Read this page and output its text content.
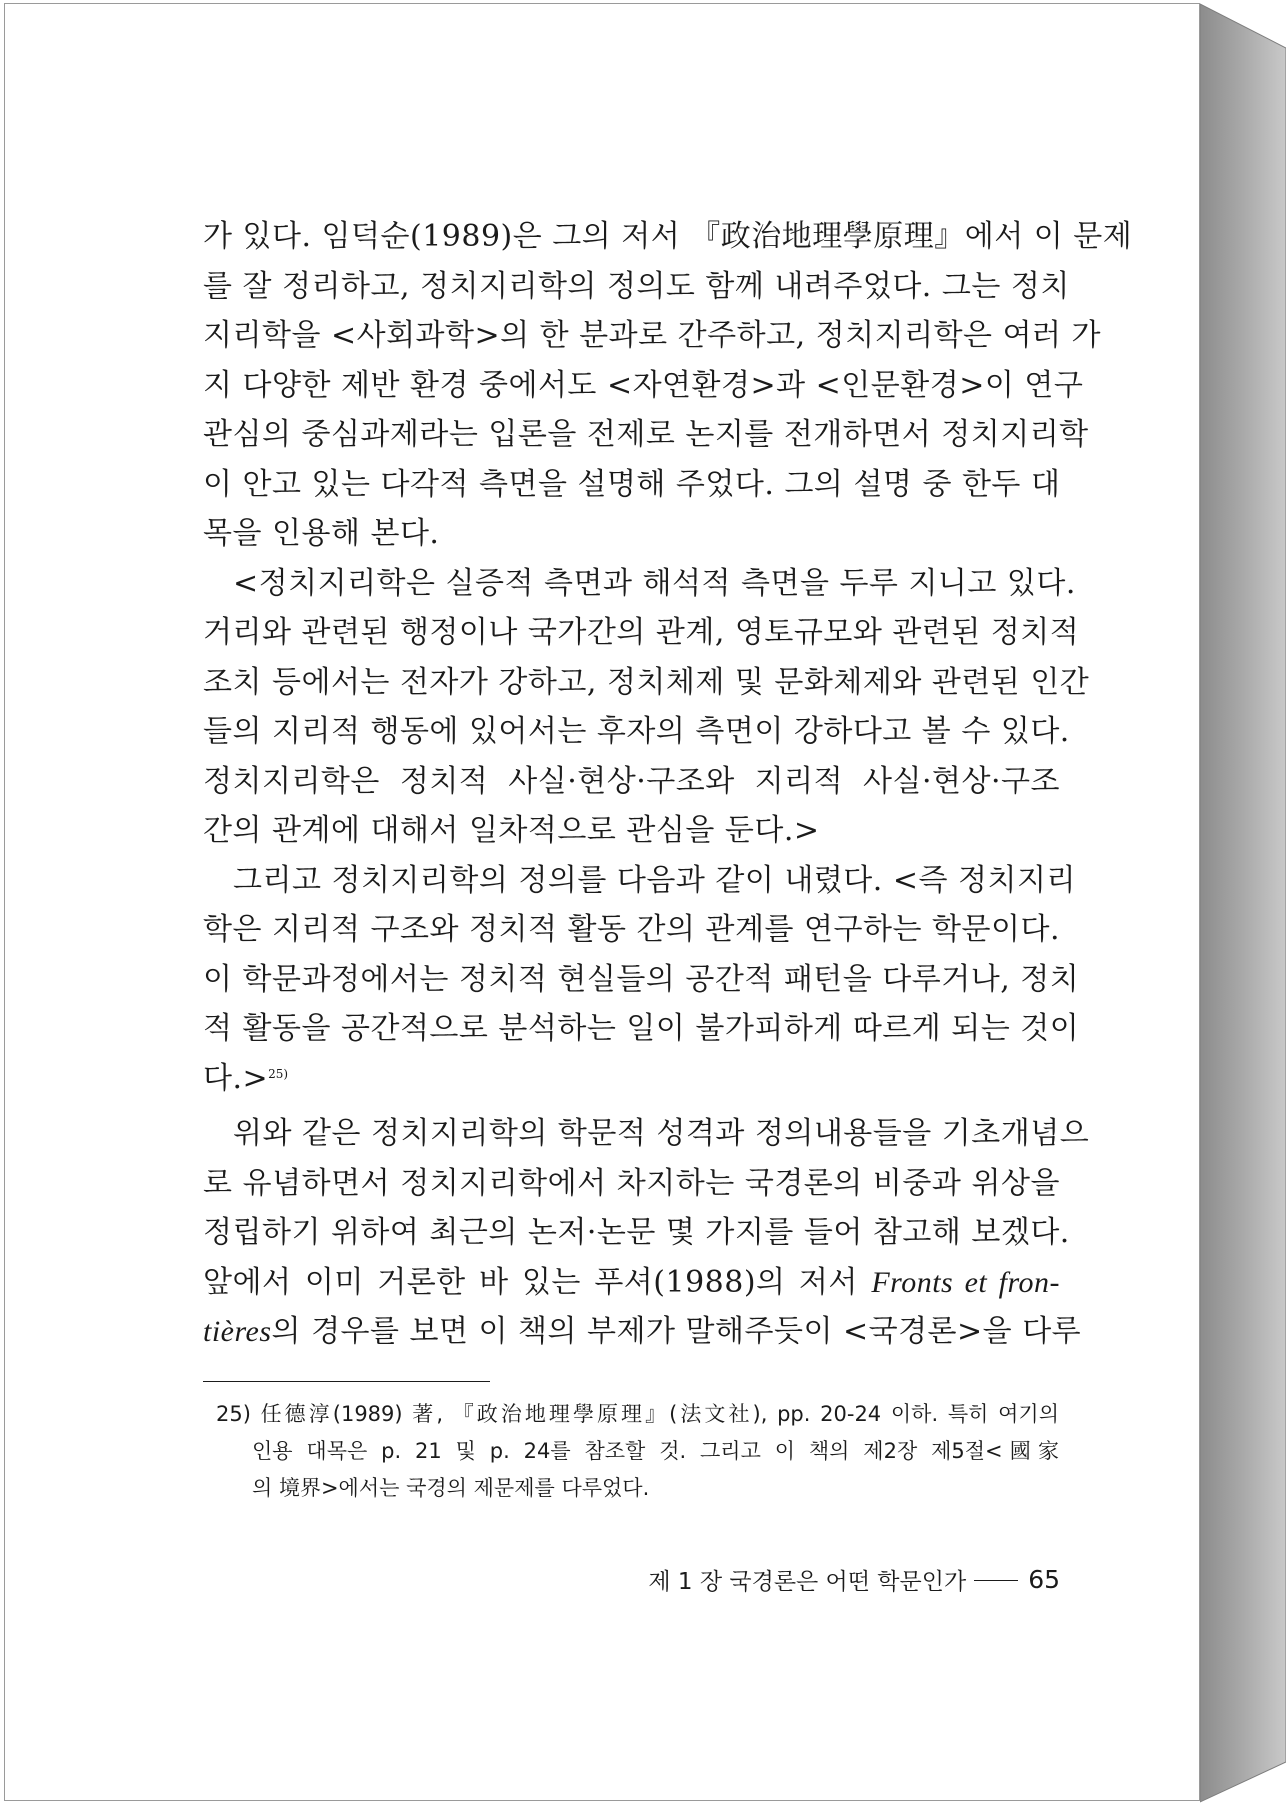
가 있다. 임덕순(1989)은 그의 저서 『政治地理學原理』에서 이 문제
를 잘 정리하고, 정치지리학의 정의도 함께 내려주었다. 그는 정치
지리학을 <사회과학>의 한 분과로 간주하고, 정치지리학은 여러 가
지 다양한 제반 환경 중에서도 <자연환경>과 <인문환경>이 연구
관심의 중심과제라는 입론을 전제로 논지를 전개하면서 정치지리학
이 안고 있는 다각적 측면을 설명해 주었다. 그의 설명 중 한두 대
목을 인용해 본다.
<정치지리학은 실증적 측면과 해석적 측면을 두루 지니고 있다.
거리와 관련된 행정이나 국가간의 관계, 영토규모와 관련된 정치적
조치 등에서는 전자가 강하고, 정치체제 및 문화체제와 관련된 인간
들의 지리적 행동에 있어서는 후자의 측면이 강하다고 볼 수 있다.
정치지리학은 정치적 사실·현상·구조와 지리적 사실·현상·구조
간의 관계에 대해서 일차적으로 관심을 둔다.>
그리고 정치지리학의 정의를 다음과 같이 내렸다. <즉 정치지리
학은 지리적 구조와 정치적 활동 간의 관계를 연구하는 학문이다.
이 학문과정에서는 정치적 현실들의 공간적 패턴을 다루거나, 정치
적 활동을 공간적으로 분석하는 일이 불가피하게 따르게 되는 것이
다.>$^{25)}$
위와 같은 정치지리학의 학문적 성격과 정의내용들을 기초개념으
로 유념하면서 정치지리학에서 차지하는 국경론의 비중과 위상을
정립하기 위하여 최근의 논저·논문 몇 가지를 들어 참고해 보겠다.
앞에서 이미 거론한 바 있는 푸셔(1988)의 저서 Fronts et fron-
tières의 경우를 보면 이 책의 부제가 말해주듯이 <국경론>을 다루
25) 任德淳(1989) 著, 『政治地理學原理』(法文社), pp. 20-24 이하. 특히 여기의
인용 대목은 p. 21 및 p. 24를 참조할 것. 그리고 이 책의 제2장 제5절<國家
의 境界>에서는 국경의 제문제를 다루었다.
제 1 장 국경론은 어떤 학문인가 65
